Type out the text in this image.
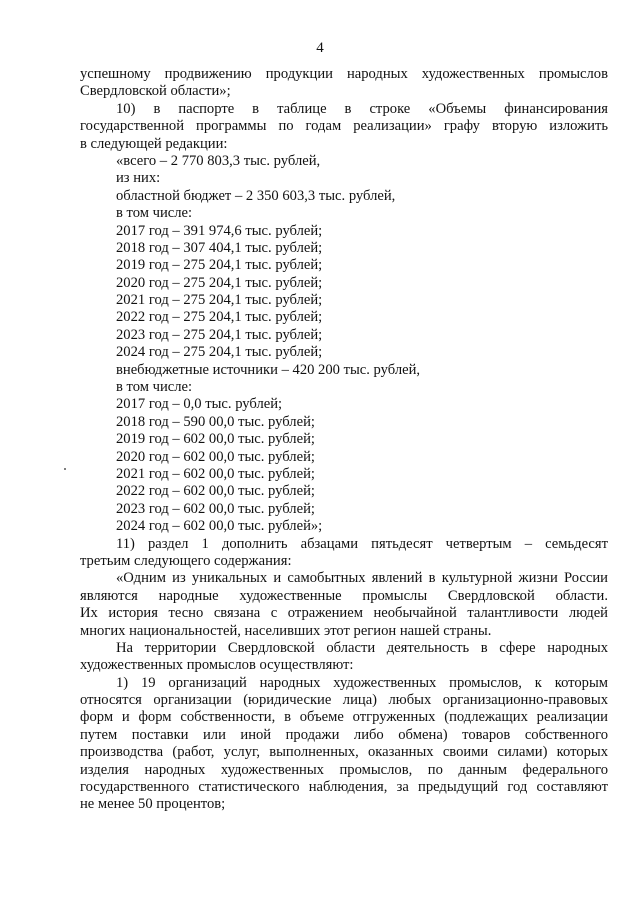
4
успешному продвижению продукции народных художественных промыслов
Свердловской области»;
10) в паспорте в таблице в строке «Объемы финансирования
государственной программы по годам реализации» графу вторую изложить
в следующей редакции:
«всего – 2 770 803,3 тыс. рублей,
из них:
областной бюджет – 2 350 603,3 тыс. рублей,
в том числе:
2017 год – 391 974,6 тыс. рублей;
2018 год – 307 404,1 тыс. рублей;
2019 год – 275 204,1 тыс. рублей;
2020 год – 275 204,1 тыс. рублей;
2021 год – 275 204,1 тыс. рублей;
2022 год – 275 204,1 тыс. рублей;
2023 год – 275 204,1 тыс. рублей;
2024 год – 275 204,1 тыс. рублей;
внебюджетные источники – 420 200 тыс. рублей,
в том числе:
2017 год – 0,0 тыс. рублей;
2018 год – 590 00,0 тыс. рублей;
2019 год – 602 00,0 тыс. рублей;
2020 год – 602 00,0 тыс. рублей;
2021 год – 602 00,0 тыс. рублей;
2022 год – 602 00,0 тыс. рублей;
2023 год – 602 00,0 тыс. рублей;
2024 год – 602 00,0 тыс. рублей»;
11) раздел 1 дополнить абзацами пятьдесят четвертым – семьдесят
третьим следующего содержания:
«Одним из уникальных и самобытных явлений в культурной жизни России
являются народные художественные промыслы Свердловской области.
Их история тесно связана с отражением необычайной талантливости людей
многих национальностей, населивших этот регион нашей страны.
На территории Свердловской области деятельность в сфере народных
художественных промыслов осуществляют:
1) 19 организаций народных художественных промыслов, к которым
относятся организации (юридические лица) любых организационно-правовых
форм и форм собственности, в объеме отгруженных (подлежащих реализации
путем поставки или иной продажи либо обмена) товаров собственного
производства (работ, услуг, выполненных, оказанных своими силами) которых
изделия народных художественных промыслов, по данным федерального
государственного статистического наблюдения, за предыдущий год составляют
не менее 50 процентов;
